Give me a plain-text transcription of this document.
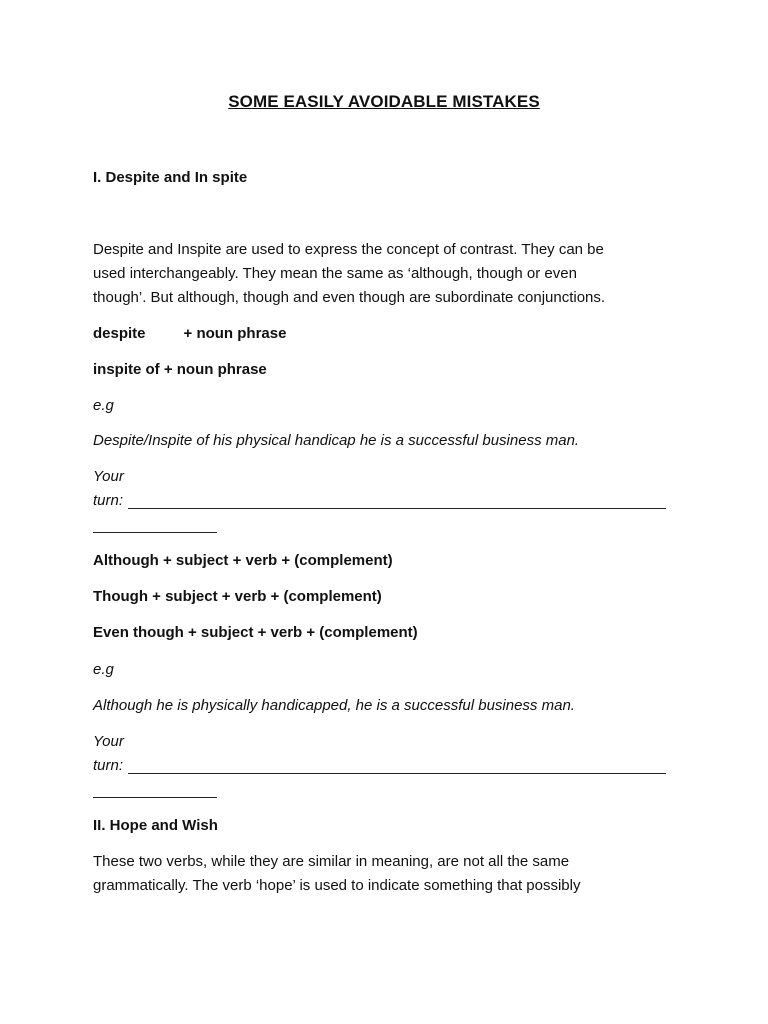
SOME EASILY AVOIDABLE MISTAKES
I. Despite and In spite
Despite and Inspite are used to express the concept of contrast. They can be
used interchangeably. They mean the same as ‘although, though or even
though’. But although, though and even though are subordinate conjunctions.
despite	+ noun phrase
inspite of + noun phrase
e.g
Despite/Inspite of his physical handicap he is a successful business man.
Your
turn:
Although + subject + verb + (complement)
Though + subject + verb + (complement)
Even though + subject + verb + (complement)
e.g
Although he is physically handicapped, he is a successful business man.
Your
turn:
II. Hope and Wish
These two verbs, while they are similar in meaning, are not all the same
grammatically. The verb ‘hope’ is used to indicate something that possibly
